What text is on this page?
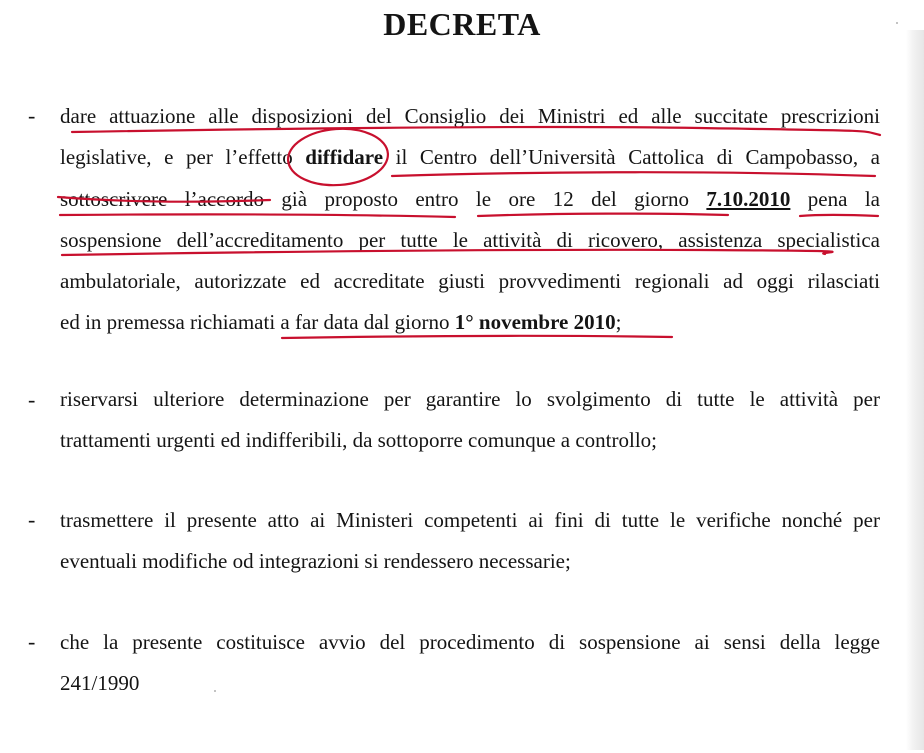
DECRETA
- dare attuazione alle disposizioni del Consiglio dei Ministri ed alle succitate prescrizioni
legislative, e per l’effetto diffidare il Centro dell’Università Cattolica di Campobasso, a
sottoscrivere l’accordo già proposto entro le ore 12 del giorno 7.10.2010 pena la
sospensione dell’accreditamento per tutte le attività di ricovero, assistenza specialistica
ambulatoriale, autorizzate ed accreditate giusti provvedimenti regionali ad oggi rilasciati
ed in premessa richiamati a far data dal giorno 1° novembre 2010;
- riservarsi ulteriore determinazione per garantire lo svolgimento di tutte le attività per
trattamenti urgenti ed indifferibili, da sottoporre comunque a controllo;
- trasmettere il presente atto ai Ministeri competenti ai fini di tutte le verifiche nonché per
eventuali modifiche od integrazioni si rendessero necessarie;
- che la presente costituisce avvio del procedimento di sospensione ai sensi della legge
241/1990
